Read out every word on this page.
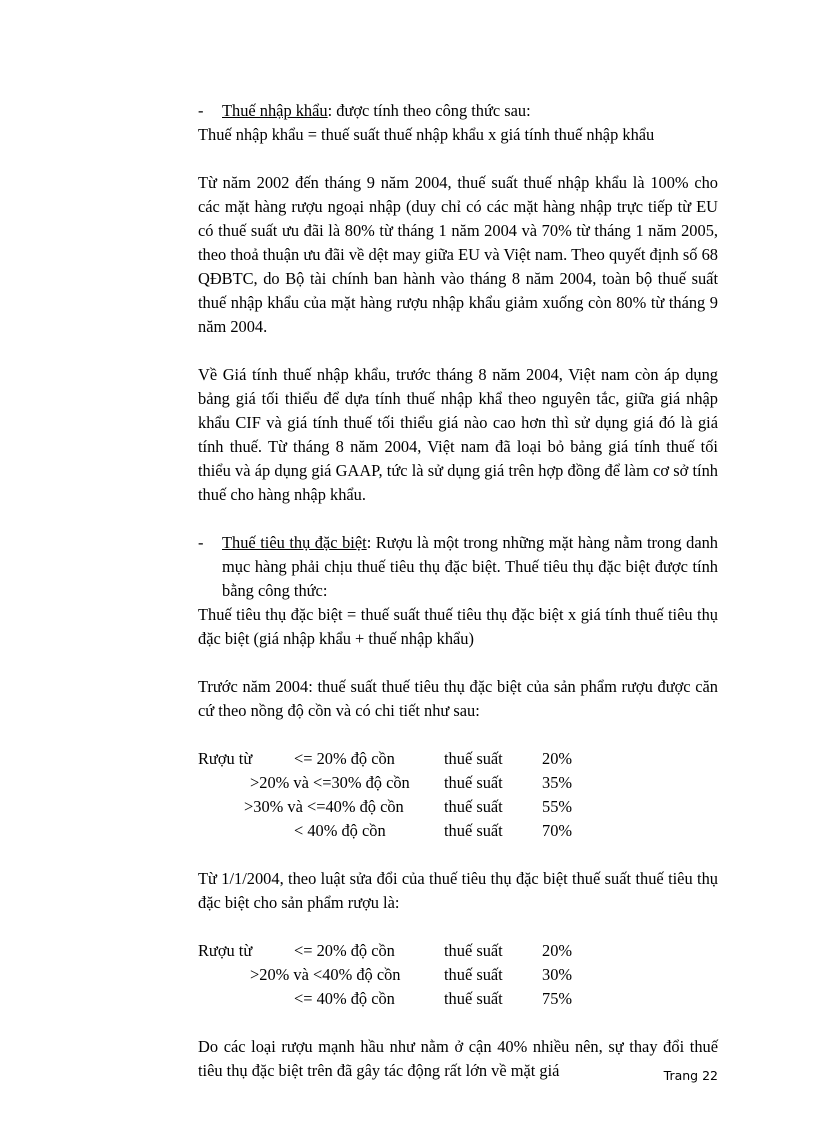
- Thuế nhập khẩu: được tính theo công thức sau:

Thuế nhập khẩu = thuế suất thuế nhập khẩu x giá tính thuế nhập khẩu

Từ năm 2002 đến tháng 9 năm 2004, thuế suất thuế nhập khẩu là 100% cho các mặt hàng rượu ngoại nhập (duy chỉ có các mặt hàng nhập trực tiếp từ EU có thuế suất ưu đãi là 80% từ tháng 1 năm 2004 và 70% từ tháng 1 năm 2005, theo thoả thuận ưu đãi về dệt may giữa EU và Việt nam. Theo quyết định số 68 QĐBTC, do Bộ tài chính ban hành vào tháng 8 năm 2004, toàn bộ thuế suất thuế nhập khẩu của mặt hàng rượu nhập khẩu giảm xuống còn 80% từ tháng 9 năm 2004.

Về Giá tính thuế nhập khẩu, trước tháng 8 năm 2004, Việt nam còn áp dụng bảng giá tối thiểu để dựa tính thuế nhập khẩ theo nguyên tắc, giữa giá nhập khẩu CIF và giá tính thuế tối thiểu giá nào cao hơn thì sử dụng giá đó là giá tính thuế. Từ tháng 8 năm 2004, Việt nam đã loại bỏ bảng giá tính thuế tối thiểu và áp dụng giá GAAP, tức là sử dụng giá trên hợp đồng để làm cơ sở tính thuế cho hàng nhập khẩu.

- Thuế tiêu thụ đặc biệt: Rượu là một trong những mặt hàng nằm trong danh mục hàng phải chịu thuế tiêu thụ đặc biệt. Thuế tiêu thụ đặc biệt được tính bằng công thức:

Thuế tiêu thụ đặc biệt = thuế suất thuế tiêu thụ đặc biệt x giá tính thuế tiêu thụ đặc biệt (giá nhập khẩu + thuế nhập khẩu)

Trước năm 2004: thuế suất thuế tiêu thụ đặc biệt của sản phẩm rượu được căn cứ theo nồng độ cồn và có chi tiết như sau:

Rượu từ	<= 20% độ cồn	thuế suất 20%
>20% và <=30% độ cồn thuế suất 35%
>30% và <=40% độ cồn thuế suất 55%
< 40% độ cồn	thuế suất 70%

Từ 1/1/2004, theo luật sửa đổi của thuế tiêu thụ đặc biệt thuế suất thuế tiêu thụ đặc biệt cho sản phẩm rượu là:

Rượu từ	<= 20% độ cồn	thuế suất 20%
>20% và <40% độ cồn	thuế suất 30%
<= 40% độ cồn	thuế suất 75%

Do các loại rượu mạnh hầu như nằm ở cận 40% nhiều nên, sự thay đổi thuế tiêu thụ đặc biệt trên đã gây tác động rất lớn về mặt giá	Trang 22
